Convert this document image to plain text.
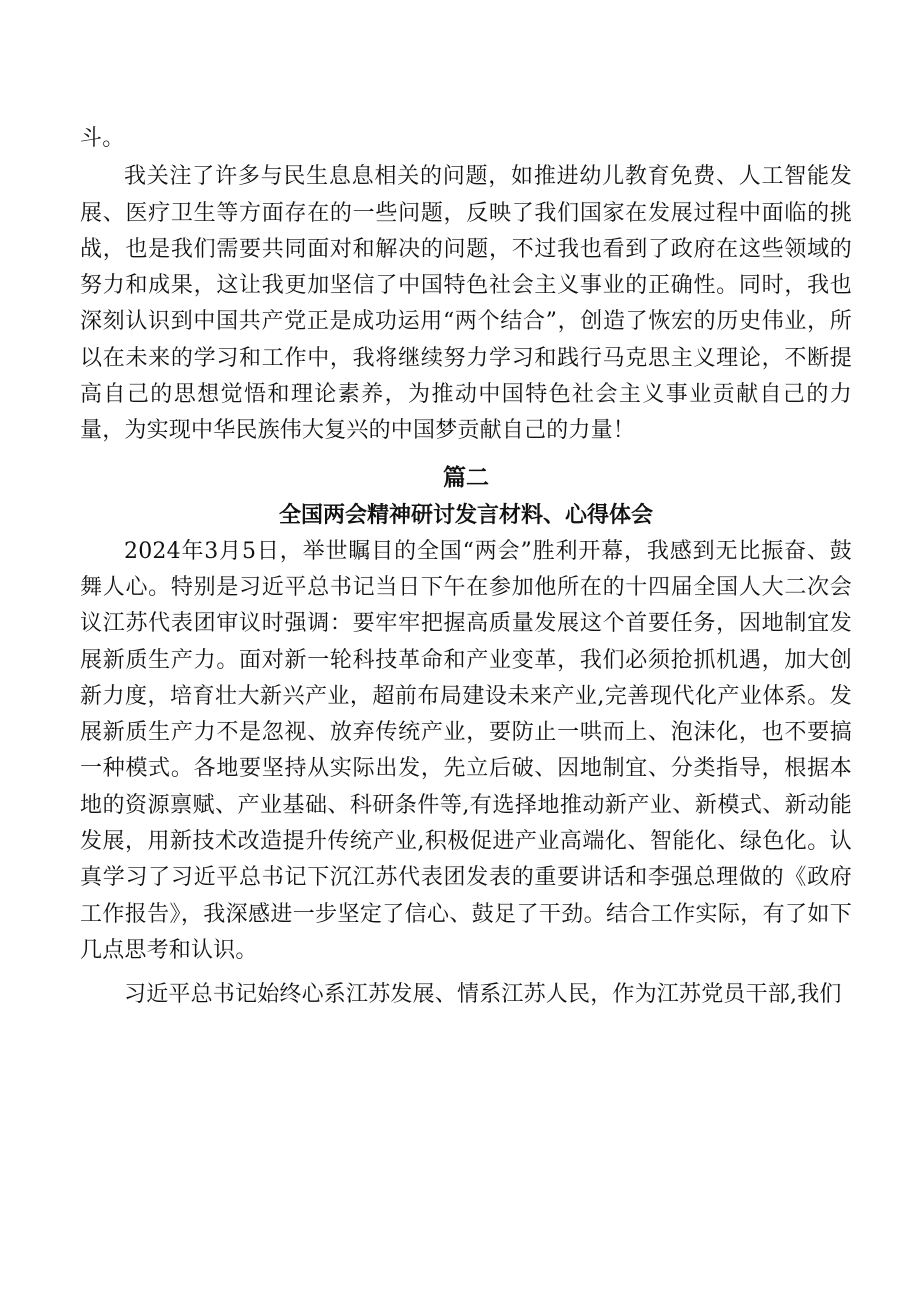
斗。

我关注了许多与民生息息相关的问题，如推进幼儿教育免费、人工智能发展、医疗卫生等方面存在的一些问题，反映了我们国家在发展过程中面临的挑战，也是我们需要共同面对和解决的问题，不过我也看到了政府在这些领域的努力和成果，这让我更加坚信了中国特色社会主义事业的正确性。同时，我也深刻认识到中国共产党正是成功运用“两个结合”，创造了恢宏的历史伟业，所以在未来的学习和工作中，我将继续努力学习和践行马克思主义理论，不断提高自己的思想觉悟和理论素养，为推动中国特色社会主义事业贡献自己的力量，为实现中华民族伟大复兴的中国梦贡献自己的力量！

篇二
全国两会精神研讨发言材料、心得体会

2024年3月5日，举世瞩目的全国“两会”胜利开幕，我感到无比振奋、鼓舞人心。特别是习近平总书记当日下午在参加他所在的十四届全国人大二次会议江苏代表团审议时强调：要牢牢把握高质量发展这个首要任务，因地制宜发展新质生产力。面对新一轮科技革命和产业变革，我们必须抢抓机遇，加大创新力度，培育壮大新兴产业，超前布局建设未来产业,完善现代化产业体系。发展新质生产力不是忽视、放弃传统产业，要防止一哄而上、泡沫化，也不要搞一种模式。各地要坚持从实际出发，先立后破、因地制宜、分类指导，根据本地的资源禀赋、产业基础、科研条件等,有选择地推动新产业、新模式、新动能发展，用新技术改造提升传统产业,积极促进产业高端化、智能化、绿色化。认真学习了习近平总书记下沉江苏代表团发表的重要讲话和李强总理做的《政府工作报告》，我深感进一步坚定了信心、鼓足了干劲。结合工作实际，有了如下几点思考和认识。

习近平总书记始终心系江苏发展、情系江苏人民，作为江苏党员干部,我们
